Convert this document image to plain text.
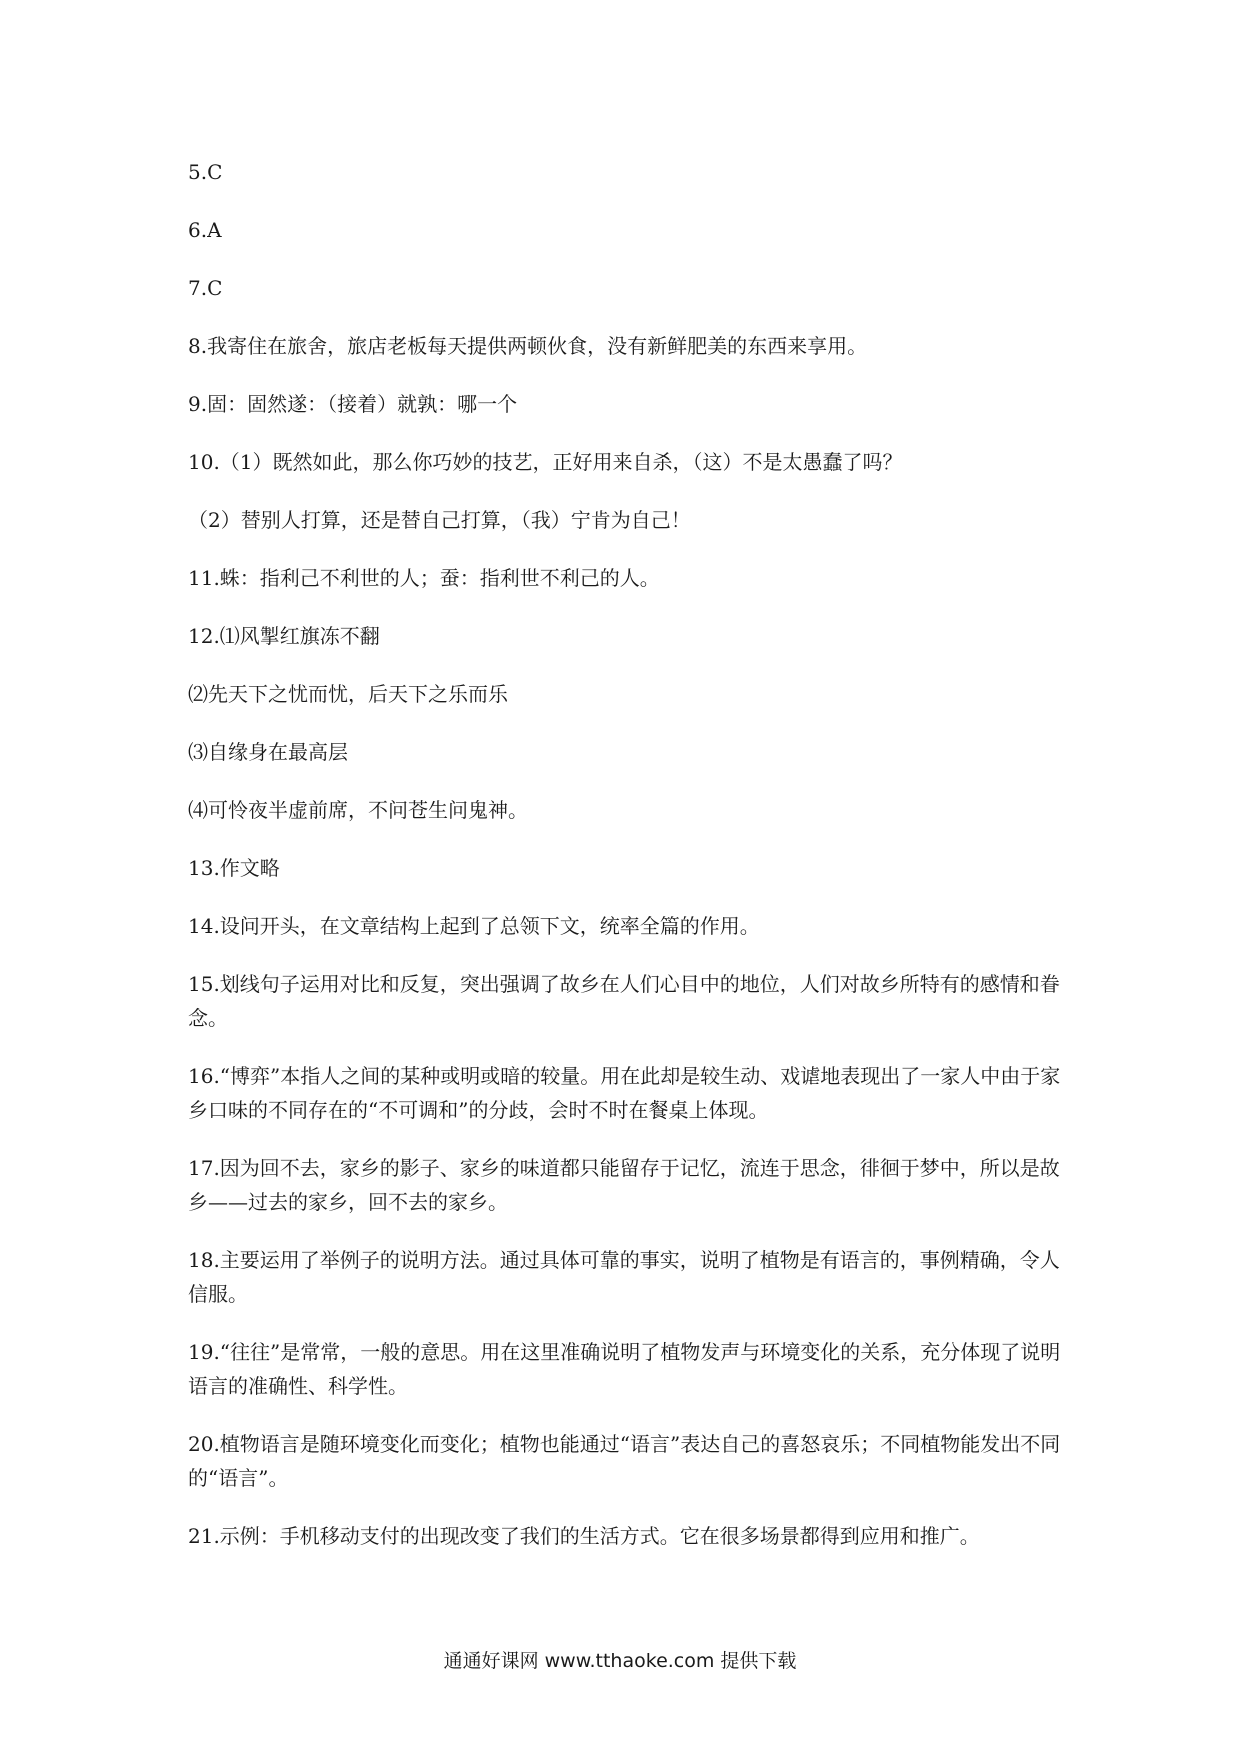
5.C
6.A
7.C
8.我寄住在旅舍，旅店老板每天提供两顿伙食，没有新鲜肥美的东西来享用。
9.固：固然遂：（接着）就孰：哪一个
10.（1）既然如此，那么你巧妙的技艺，正好用来自杀，（这）不是太愚蠢了吗？
（2）替别人打算，还是替自己打算，（我）宁肯为自己！
11.蛛：指利己不利世的人；蚕：指利世不利己的人。
12.⑴风掣红旗冻不翻
⑵先天下之忧而忧，后天下之乐而乐
⑶自缘身在最高层
⑷可怜夜半虚前席，不问苍生问鬼神。
13.作文略
14.设问开头，在文章结构上起到了总领下文，统率全篇的作用。
15.划线句子运用对比和反复，突出强调了故乡在人们心目中的地位，人们对故乡所特有的感情和眷念。
16.“博弈”本指人之间的某种或明或暗的较量。用在此却是较生动、戏谑地表现出了一家人中由于家乡口味的不同存在的“不可调和”的分歧，会时不时在餐桌上体现。
17.因为回不去，家乡的影子、家乡的味道都只能留存于记忆，流连于思念，徘徊于梦中，所以是故乡——过去的家乡，回不去的家乡。
18.主要运用了举例子的说明方法。通过具体可靠的事实，说明了植物是有语言的，事例精确，令人信服。
19.“往往”是常常，一般的意思。用在这里准确说明了植物发声与环境变化的关系，充分体现了说明语言的准确性、科学性。
20.植物语言是随环境变化而变化；植物也能通过“语言”表达自己的喜怒哀乐；不同植物能发出不同的“语言”。
21.示例：手机移动支付的出现改变了我们的生活方式。它在很多场景都得到应用和推广。
通通好课网 www.tthaoke.com 提供下载
